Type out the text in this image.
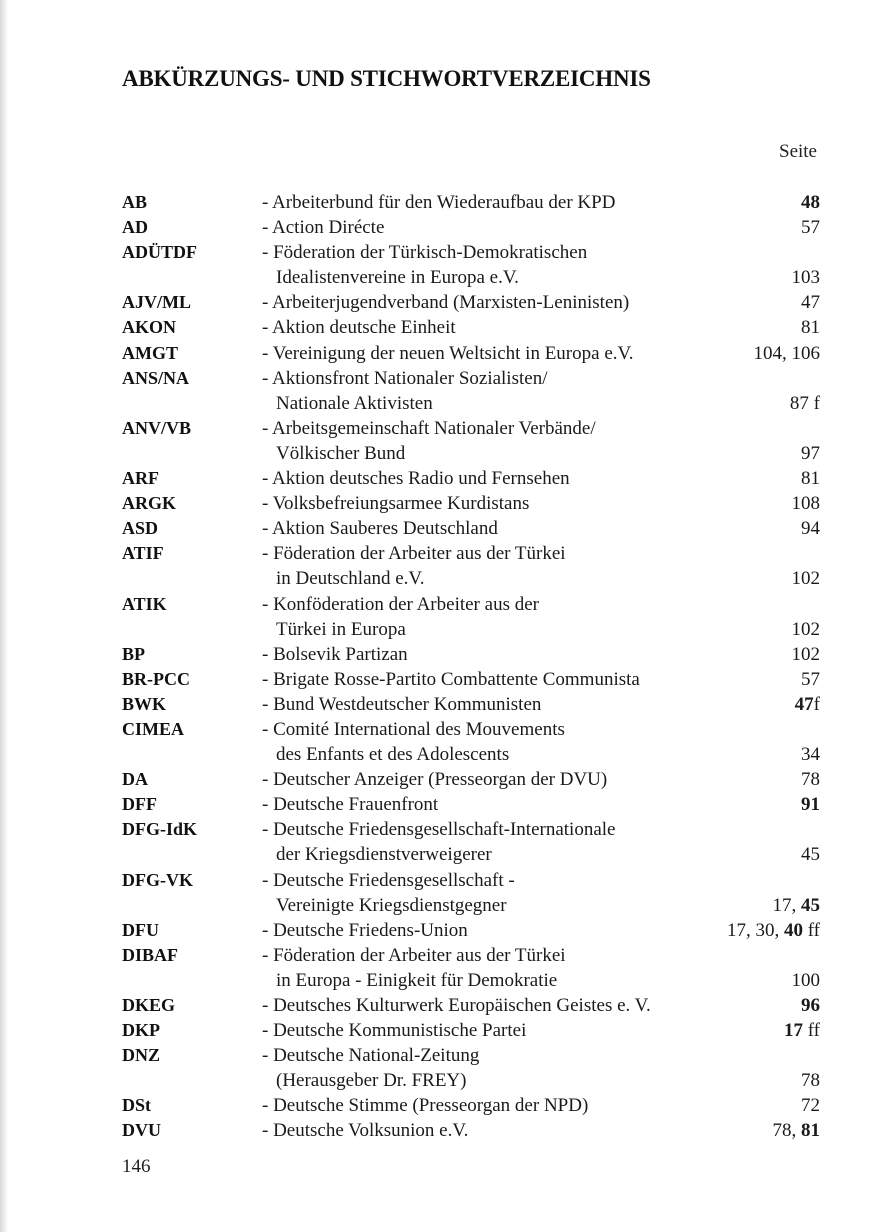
ABKÜRZUNGS- UND STICHWORTVERZEICHNIS
Seite
AB	- Arbeiterbund für den Wiederaufbau der KPD	48
AD	- Action Dirécte	57
ADÜTDF	- Föderation der Türkisch-Demokratischen
Idealistenvereine in Europa e.V.	103
AJV/ML	- Arbeiterjugendverband (Marxisten-Leninisten)	47
AKON	- Aktion deutsche Einheit	81
AMGT	- Vereinigung der neuen Weltsicht in Europa e.V.	104, 106
ANS/NA	- Aktionsfront Nationaler Sozialisten/
Nationale Aktivisten	87 f
ANV/VB	- Arbeitsgemeinschaft Nationaler Verbände/
Völkischer Bund	97
ARF	- Aktion deutsches Radio und Fernsehen	81
ARGK	- Volksbefreiungsarmee Kurdistans	108
ASD	- Aktion Sauberes Deutschland	94
ATIF	- Föderation der Arbeiter aus der Türkei
in Deutschland e.V.	102
ATIK	- Konföderation der Arbeiter aus der
Türkei in Europa	102
BP	- Bolsevik Partizan	102
BR-PCC	- Brigate Rosse-Partito Combattente Communista	57
BWK	- Bund Westdeutscher Kommunisten	47f
CIMEA	- Comité International des Mouvements
des Enfants et des Adolescents	34
DA	- Deutscher Anzeiger (Presseorgan der DVU)	78
DFF	- Deutsche Frauenfront	91
DFG-IdK	- Deutsche Friedensgesellschaft-Internationale
der Kriegsdienstverweigerer	45
DFG-VK	- Deutsche Friedensgesellschaft -
Vereinigte Kriegsdienstgegner	17, 45
DFU	- Deutsche Friedens-Union	17, 30, 40 ff
DIBAF	- Föderation der Arbeiter aus der Türkei
in Europa - Einigkeit für Demokratie	100
DKEG	- Deutsches Kulturwerk Europäischen Geistes e. V.	96
DKP	- Deutsche Kommunistische Partei	17 ff
DNZ	- Deutsche National-Zeitung
(Herausgeber Dr. FREY)	78
DSt	- Deutsche Stimme (Presseorgan der NPD)	72
DVU	- Deutsche Volksunion e.V.	78, 81
146
